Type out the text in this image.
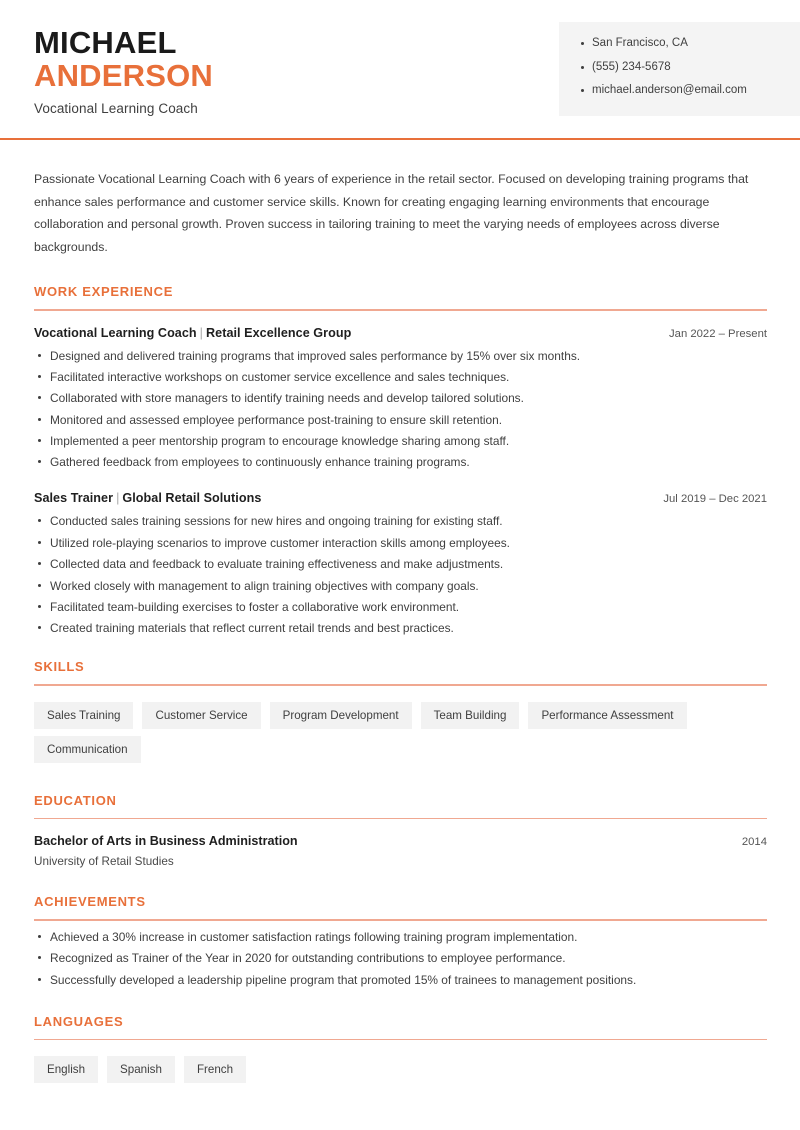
MICHAEL
ANDERSON
Vocational Learning Coach
San Francisco, CA
(555) 234-5678
michael.anderson@email.com

Passionate Vocational Learning Coach with 6 years of experience in the retail sector. Focused on developing training programs that enhance sales performance and customer service skills. Known for creating engaging learning environments that encourage collaboration and personal growth. Proven success in tailoring training to meet the varying needs of employees across diverse backgrounds.

WORK EXPERIENCE
Vocational Learning Coach | Retail Excellence Group	Jan 2022 – Present
Designed and delivered training programs that improved sales performance by 15% over six months.
Facilitated interactive workshops on customer service excellence and sales techniques.
Collaborated with store managers to identify training needs and develop tailored solutions.
Monitored and assessed employee performance post-training to ensure skill retention.
Implemented a peer mentorship program to encourage knowledge sharing among staff.
Gathered feedback from employees to continuously enhance training programs.
Sales Trainer | Global Retail Solutions	Jul 2019 – Dec 2021
Conducted sales training sessions for new hires and ongoing training for existing staff.
Utilized role-playing scenarios to improve customer interaction skills among employees.
Collected data and feedback to evaluate training effectiveness and make adjustments.
Worked closely with management to align training objectives with company goals.
Facilitated team-building exercises to foster a collaborative work environment.
Created training materials that reflect current retail trends and best practices.
SKILLS
Sales Training	Customer Service	Program Development	Team Building	Performance Assessment
Communication
EDUCATION
Bachelor of Arts in Business Administration	2014
University of Retail Studies
ACHIEVEMENTS
Achieved a 30% increase in customer satisfaction ratings following training program implementation.
Recognized as Trainer of the Year in 2020 for outstanding contributions to employee performance.
Successfully developed a leadership pipeline program that promoted 15% of trainees to management positions.
LANGUAGES
English	Spanish	French
